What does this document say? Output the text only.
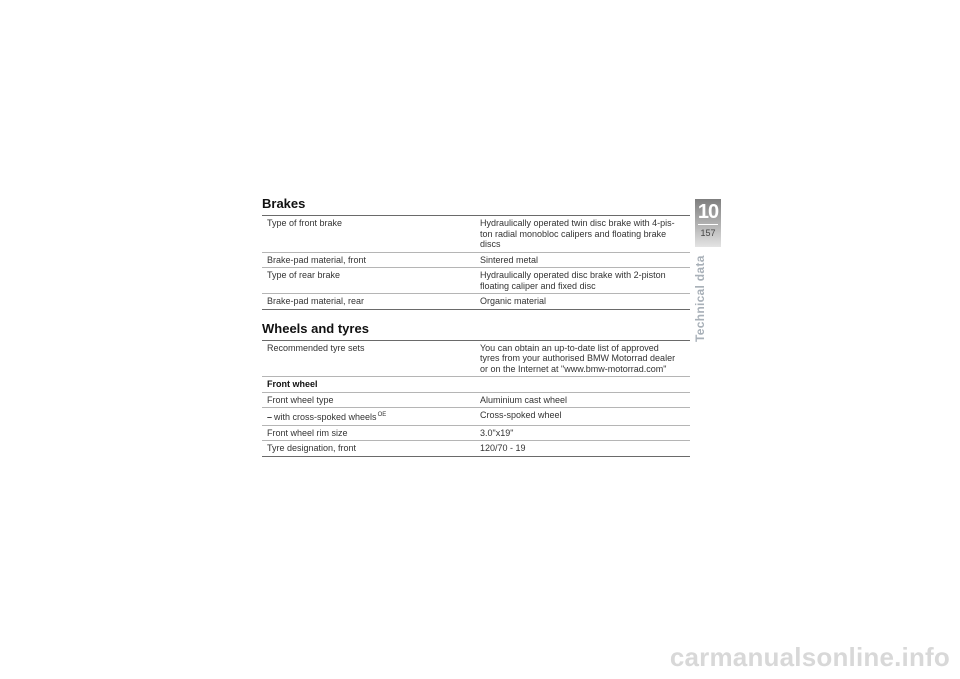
Brakes
Type of front brake	Hydraulically operated twin disc brake with 4-pis-
ton radial monobloc calipers and floating brake
discs
Brake-pad material, front	Sintered metal
Type of rear brake	Hydraulically operated disc brake with 2-piston
floating caliper and fixed disc
Brake-pad material, rear	Organic material
Wheels and tyres
Recommended tyre sets	You can obtain an up-to-date list of approved
tyres from your authorised BMW Motorrad dealer
or on the Internet at "www.bmw-motorrad.com"
Front wheel	
Front wheel type	Aluminium cast wheel
– with cross-spoked wheels$^{OE}$	Cross-spoked wheel
Front wheel rim size	3.0"x19"
Tyre designation, front	120/70 - 19
10
157
Technical data
carmanualsonline.info
